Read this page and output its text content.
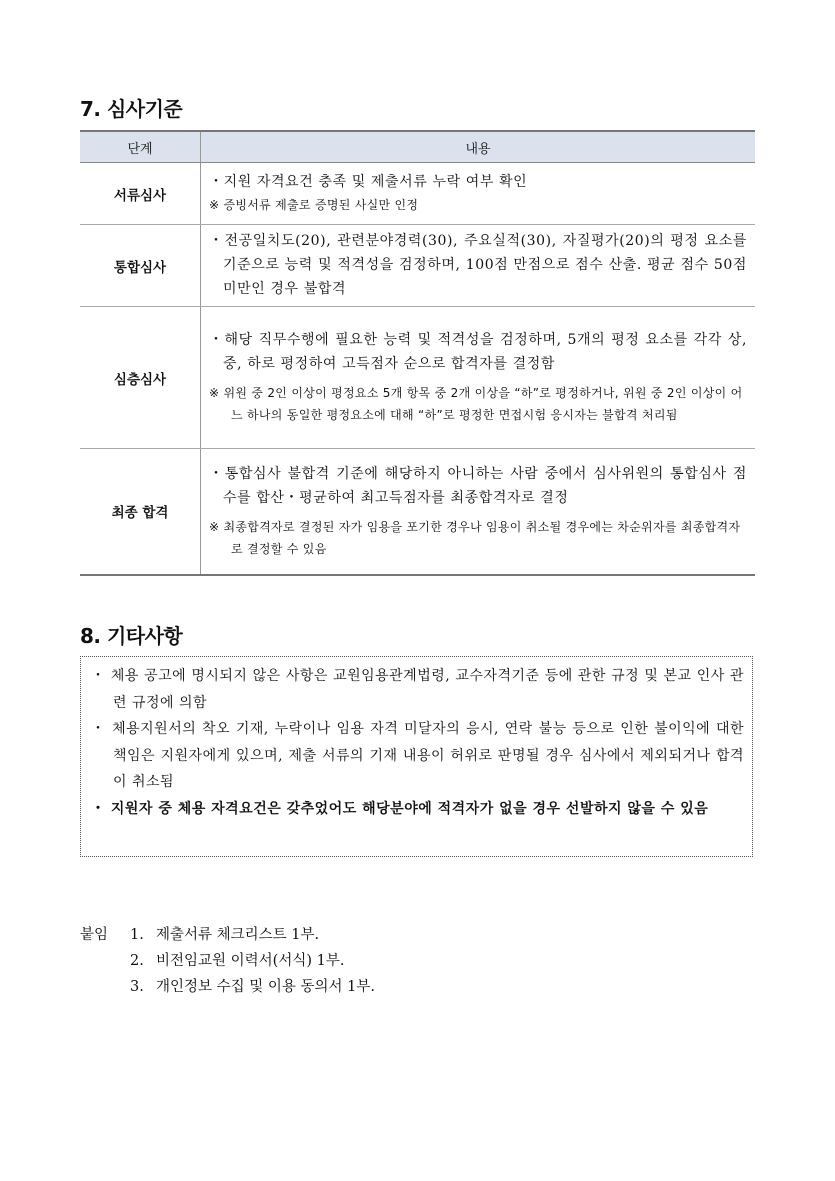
7. 심사기준
단계	내용
서류심사	・지원 자격요건 충족 및 제출서류 누락 여부 확인
※ 증빙서류 제출로 증명된 사실만 인정

통합심사	・전공일치도(20), 관련분야경력(30), 주요실적(30), 자질평가(20)의 평정 요소를 기준으로 능력 및 적격성을 검정하며, 100점 만점으로 점수 산출. 평균 점수 50점 미만인 경우 불합격

심층심사	・해당 직무수행에 필요한 능력 및 적격성을 검정하며, 5개의 평정 요소를 각각 상, 중, 하로 평정하여 고득점자 순으로 합격자를 결정함
※ 위원 중 2인 이상이 평정요소 5개 항목 중 2개 이상을 “하”로 평정하거나, 위원 중 2인 이상이 어느 하나의 동일한 평정요소에 대해 “하”로 평정한 면접시험 응시자는 불합격 처리됨

최종 합격	・통합심사 불합격 기준에 해당하지 아니하는 사람 중에서 심사위원의 통합심사 점수를 합산・평균하여 최고득점자를 최종합격자로 결정
※ 최종합격자로 결정된 자가 임용을 포기한 경우나 임용이 취소될 경우에는 차순위자를 최종합격자로 결정할 수 있음
8. 기타사항
・ 체용 공고에 명시되지 않은 사항은 교원임용관계법령, 교수자격기준 등에 관한 규정 및 본교 인사 관련 규정에 의함
・ 체용지원서의 착오 기재, 누락이나 임용 자격 미달자의 응시, 연락 불능 등으로 인한 불이익에 대한 책임은 지원자에게 있으며, 제출 서류의 기재 내용이 허위로 판명될 경우 심사에서 제외되거나 합격이 취소됨
・ 지원자 중 체용 자격요건은 갖추었어도 해당분야에 적격자가 없을 경우 선발하지 않을 수 있음
붙임	1. 제출서류 체크리스트 1부.
2. 비전임교원 이력서(서식) 1부.
3. 개인정보 수집 및 이용 동의서 1부.
